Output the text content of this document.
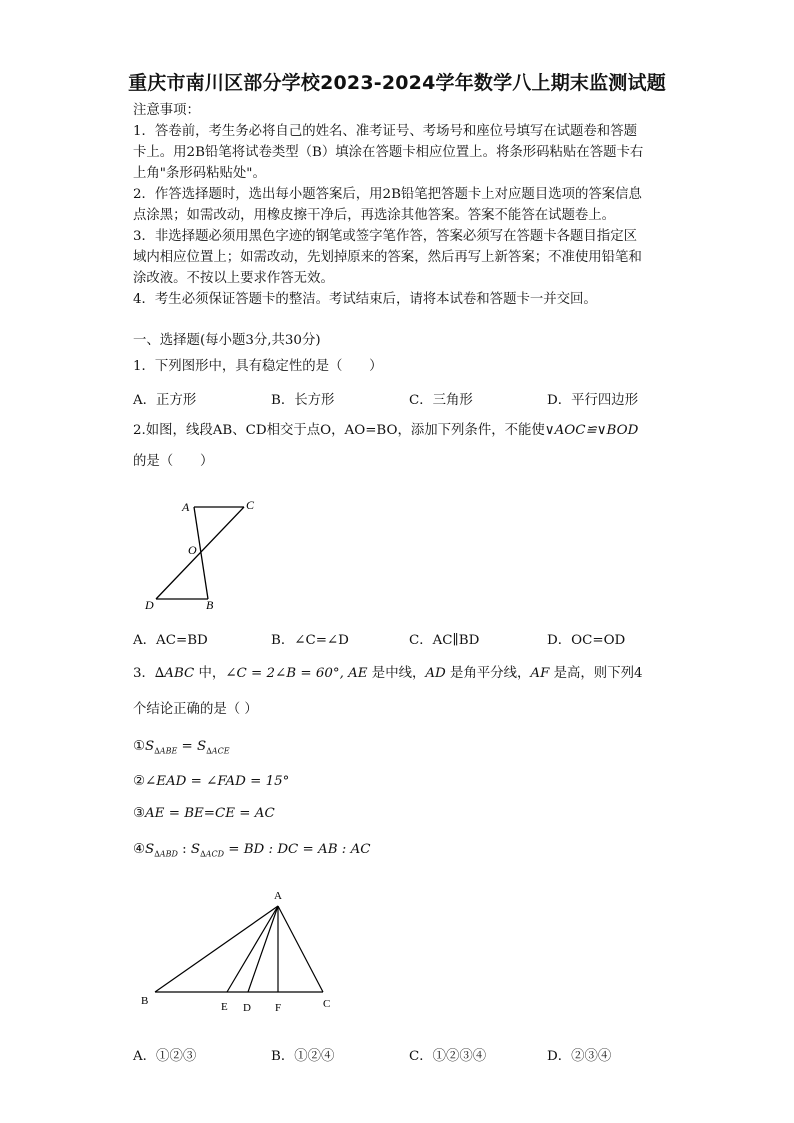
重庆市南川区部分学校2023-2024学年数学八上期末监测试题
注意事项：
1．答卷前，考生务必将自己的姓名、准考证号、考场号和座位号填写在试题卷和答题
卡上。用2B铅笔将试卷类型（B）填涂在答题卡相应位置上。将条形码粘贴在答题卡右
上角"条形码粘贴处"。
2．作答选择题时，选出每小题答案后，用2B铅笔把答题卡上对应题目选项的答案信息
点涂黑；如需改动，用橡皮擦干净后，再选涂其他答案。答案不能答在试题卷上。
3．非选择题必须用黑色字迹的钢笔或签字笔作答，答案必须写在答题卡各题目指定区
域内相应位置上；如需改动，先划掉原来的答案，然后再写上新答案；不准使用铅笔和
涂改液。不按以上要求作答无效。
4．考生必须保证答题卡的整洁。考试结束后，请将本试卷和答题卡一并交回。
一、选择题(每小题3分,共30分)
1．下列图形中，具有稳定性的是（　　）
A．正方形	B．长方形	C．三角形	D．平行四边形
2.如图，线段AB、CD相交于点O，AO=BO，添加下列条件，不能使∨AOC≌∨BOD
的是（　　）
A	C
O
D	B
A．AC=BD	B．∠C=∠D	C．AC∥BD	D．OC=OD
3．∆ABC 中，∠C = 2∠B = 60°, AE 是中线，AD 是角平分线，AF 是高，则下列4
个结论正确的是（ ）
$①S_{\Delta ABE} = S_{\Delta ACE}$
②∠EAD = ∠FAD = 15°
③AE = BE=CE = AC
$④S_{\Delta ABD}$ : $S_{\Delta ACD}$ = BD : DC = AB : AC
A
B	E D F	C
A．①②③	B．①②④	C．①②③④	D．②③④
